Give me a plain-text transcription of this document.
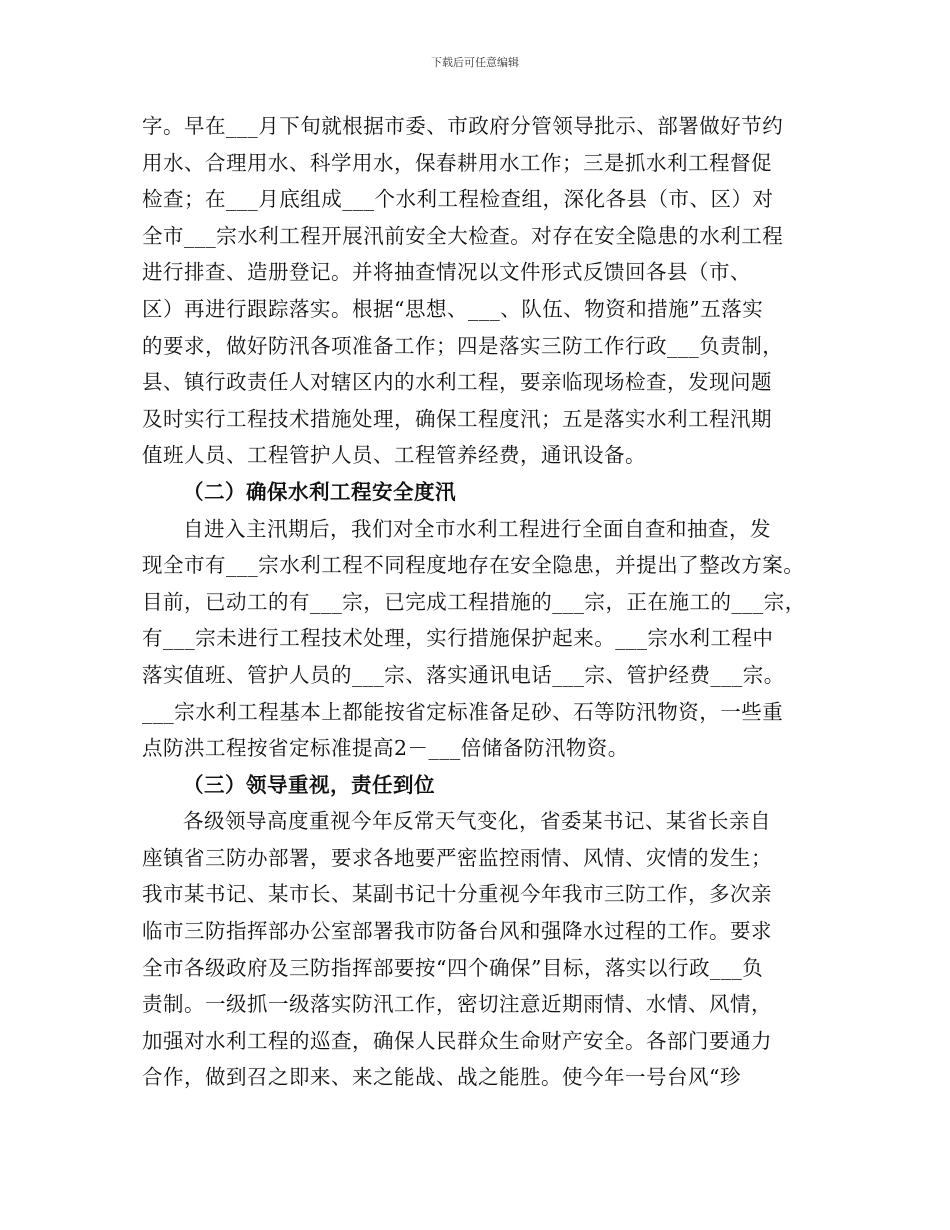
下载后可任意编辑
字。早在___月下旬就根据市委、市政府分管领导批示、部署做好节约
用水、合理用水、科学用水，保春耕用水工作；三是抓水利工程督促
检查；在___月底组成___个水利工程检查组，深化各县（市、区）对
全市___宗水利工程开展汛前安全大检查。对存在安全隐患的水利工程
进行排查、造册登记。并将抽查情况以文件形式反馈回各县（市、
区）再进行跟踪落实。根据“思想、___、队伍、物资和措施”五落实
的要求，做好防汛各项准备工作；四是落实三防工作行政___负责制，
县、镇行政责任人对辖区内的水利工程，要亲临现场检查，发现问题
及时实行工程技术措施处理，确保工程度汛；五是落实水利工程汛期
值班人员、工程管护人员、工程管养经费，通讯设备。
（二）确保水利工程安全度汛
自进入主汛期后，我们对全市水利工程进行全面自查和抽查，发
现全市有___宗水利工程不同程度地存在安全隐患，并提出了整改方案。
目前，已动工的有___宗，已完成工程措施的___宗，正在施工的___宗，
有___宗未进行工程技术处理，实行措施保护起来。___宗水利工程中
落实值班、管护人员的___宗、落实通讯电话___宗、管护经费___宗。
___宗水利工程基本上都能按省定标准备足砂、石等防汛物资，一些重
点防洪工程按省定标准提高2－___倍储备防汛物资。
（三）领导重视，责任到位
各级领导高度重视今年反常天气变化，省委某书记、某省长亲自
座镇省三防办部署，要求各地要严密监控雨情、风情、灾情的发生；
我市某书记、某市长、某副书记十分重视今年我市三防工作，多次亲
临市三防指挥部办公室部署我市防备台风和强降水过程的工作。要求
全市各级政府及三防指挥部要按“四个确保”目标，落实以行政___负
责制。一级抓一级落实防汛工作，密切注意近期雨情、水情、风情，
加强对水利工程的巡查，确保人民群众生命财产安全。各部门要通力
合作，做到召之即来、来之能战、战之能胜。使今年一号台风“珍
